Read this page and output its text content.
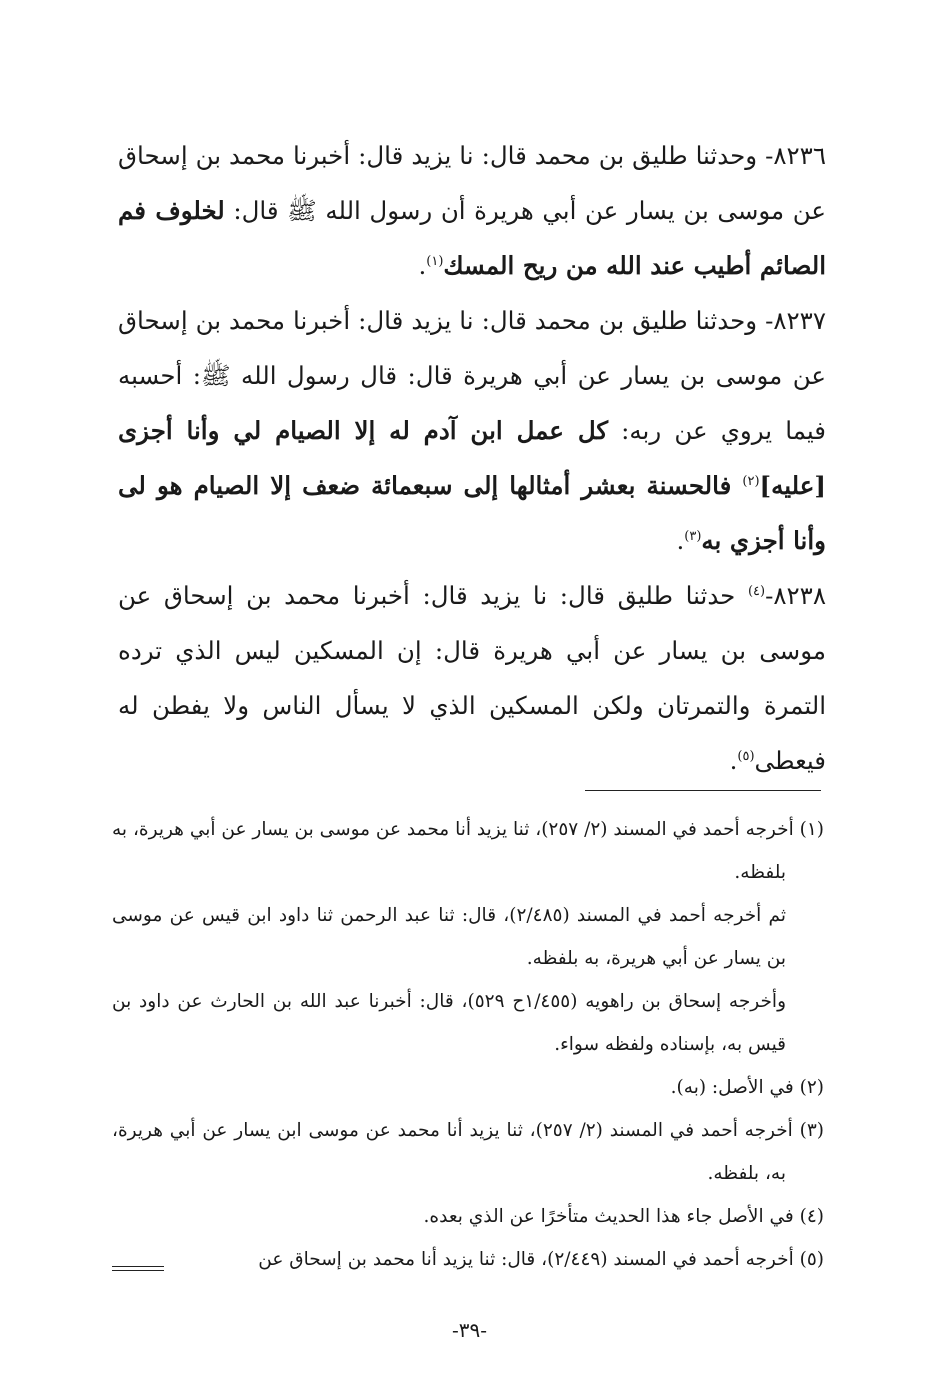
٨٢٣٦- وحدثنا طليق بن محمد قال: نا يزيد قال: أخبرنا محمد بن إسحاق عن موسى بن يسار عن أبي هريرة أن رسول الله ﷺ قال: لخلوف فم الصائم أطيب عند الله من ريح المسك$^{(١)}$.

٨٢٣٧- وحدثنا طليق بن محمد قال: نا يزيد قال: أخبرنا محمد بن إسحاق عن موسى بن يسار عن أبي هريرة قال: قال رسول الله ﷺ: أحسبه فيما يروي عن ربه: كل عمل ابن آدم له إلا الصيام لي وأنا أجزى [عليه]$^{(٢)}$ فالحسنة بعشر أمثالها إلى سبعمائة ضعف إلا الصيام هو لى وأنا أجزي به$^{(٣)}$.

٨٢٣٨-$^{(٤)}$ حدثنا طليق قال: نا يزيد قال: أخبرنا محمد بن إسحاق عن موسى بن يسار عن أبي هريرة قال: إن المسكين ليس الذي ترده التمرة والتمرتان ولكن المسكين الذي لا يسأل الناس ولا يفطن له فيعطى$^{(٥)}$.

(١) أخرجه أحمد في المسند (٢/ ٢٥٧)، ثنا يزيد أنا محمد عن موسى بن يسار عن أبي هريرة، به بلفظه.

ثم أخرجه أحمد في المسند (٢/٤٨٥)، قال: ثنا عبد الرحمن ثنا داود ابن قيس عن موسى بن يسار عن أبي هريرة، به بلفظه.

وأخرجه إسحاق بن راهويه (١/٤٥٥ح ٥٢٩)، قال: أخبرنا عبد الله بن الحارث عن داود بن قيس به، بإسناده ولفظه سواء.

(٢) في الأصل: (به).

(٣) أخرجه أحمد في المسند (٢/ ٢٥٧)، ثنا يزيد أنا محمد عن موسى ابن يسار عن أبي هريرة، به، بلفظه.

(٤) في الأصل جاء هذا الحديث متأخرًا عن الذي بعده.

(٥) أخرجه أحمد في المسند (٢/٤٤٩)، قال: ثنا يزيد أنا محمد بن إسحاق عن

-٣٩-
